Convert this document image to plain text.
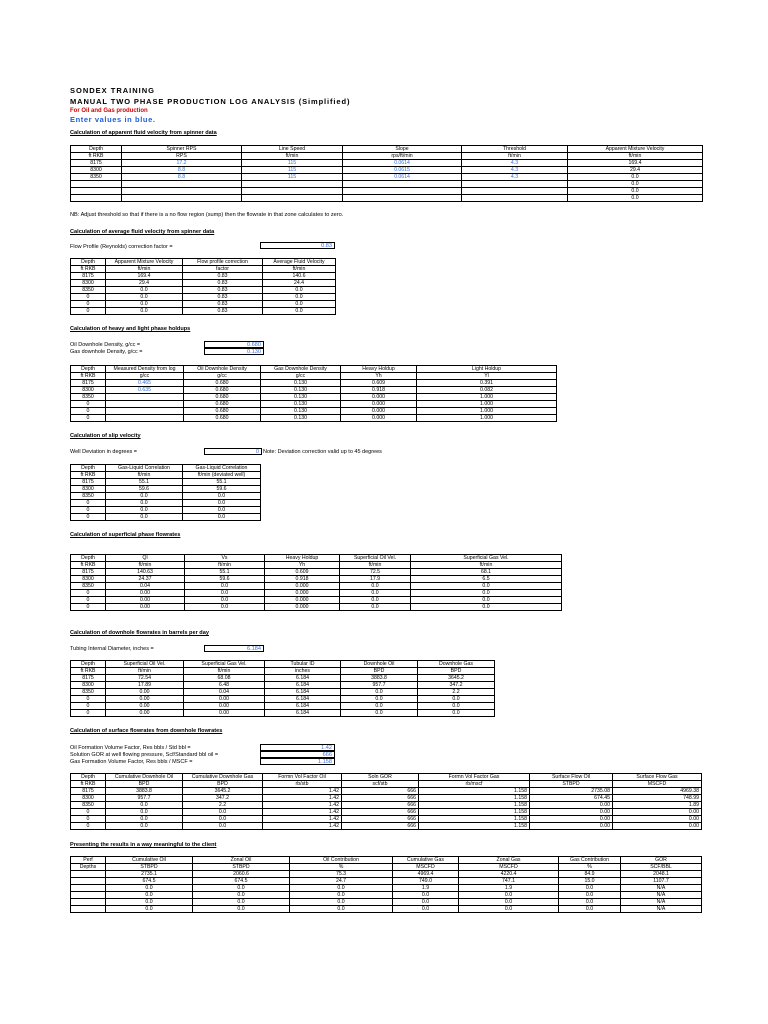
SONDEX TRAINING
MANUAL TWO PHASE PRODUCTION LOG ANALYSIS (Simplified)
For Oil and Gas production
Enter values in blue.
Calculation of apparent fluid velocity from spinner data
Depth	Spinner RPS	Line Speed	Slope	Threshold	Apparent Mixture Velocity
ft RKB	RPS	ft/min	rps/ft/min	ft/min	ft/min
8175	17.2	115	0.0614	4.3	169.4
8300	8.8	115	0.0615	4.3	29.4
8350	8.8	115	0.0614	4.3	0.0
					0.0
					0.0
					0.0
NB: Adjust threshold so that if there is a no flow region (sump) then the flowrate in that zone calculates to zero.
Calculation of average fluid velocity from spinner data
Flow Profile (Reynolds) correction factor =	0.83
Depth	Apparent Mixture Velocity	Flow profile correction	Average Fluid Velocity
ft RKB	ft/min	factor	ft/min
8175	169.4	0.83	140.6
8300	29.4	0.83	24.4
8350	0.0	0.83	0.0
0	0.0	0.83	0.0
0	0.0	0.83	0.0
0	0.0	0.83	0.0
Calculation of heavy and light phase holdups
Oil Downhole Density, g/cc =	0.680
Gas downhole Density, g/cc =	0.130
Depth	Measured Density from log	Oil Downhole Density	Gas Downhole Density	Heavy Holdup	Light Holdup
ft RKB	g/cc	g/cc	g/cc	Yh	Yl
8175	0.465	0.680	0.130	0.609	0.391
8300	0.635	0.680	0.130	0.918	0.082
8350		0.680	0.130	0.000	1.000
0		0.680	0.130	0.000	1.000
0		0.680	0.130	0.000	1.000
0		0.680	0.130	0.000	1.000
Calculation of slip velocity
Well Deviation in degrees =	0 Note: Deviation correction valid up to 45 degrees
Depth	Gas-Liquid Correlation	Gas-Liquid Correlation
ft RKB	ft/min	ft/min (deviated well)
8175	55.1	55.1
8300	59.6	59.6
8350	0.0	0.0
0	0.0	0.0
0	0.0	0.0
0	0.0	0.0
Calculation of superficial phase flowrates
Depth	Ql	Vs	Heavy Holdup	Superficial Oil Vel.	Superficial Gas Vel.
ft RKB	ft/min	ft/min	Yh	ft/min	ft/min
8175	140.63	55.1	0.609	72.5	68.1
8300	24.37	59.6	0.918	17.9	6.5
8350	0.04	0.0	0.000	0.0	0.0
0	0.00	0.0	0.000	0.0	0.0
0	0.00	0.0	0.000	0.0	0.0
0	0.00	0.0	0.000	0.0	0.0
Calculation of downhole flowrates in barrels per day
Tubing Internal Diameter, inches =	6.184
Depth	Superficial Oil Vel.	Superficial Gas Vel.	Tubular ID	Downhole Oil	Downhole Gas
ft RKB	ft/min	ft/min	inches	BPD	BPD
8175	72.54	68.08	6.184	3883.8	3645.2
8300	17.89	6.48	6.184	957.7	347.2
8350	0.00	0.04	6.184	0.0	2.2
0	0.00	0.00	6.184	0.0	0.0
0	0.00	0.00	6.184	0.0	0.0
0	0.00	0.00	6.184	0.0	0.0
Calculation of surface flowrates from downhole flowrates
Oil Formation Volume Factor, Res bbls / Std bbl =	1.42
Solution GOR at well flowing pressure, Scf/Standard bbl oil =	666
Gas Formation Volume Factor, Res bbls / MSCF =	1.158
Depth	Cumulative Downhole Oil	Cumulative Downhole Gas	Formn Vol Factor Oil	Soln GOR	Formn Vol Factor Gas	Surface Flow Oil	Surface Flow Gas
ft RKB	BPD	BPD	rb/stb	scf/stb	rb/mscf	STBPD	MSCFD
8175	3883.8	3645.2	1.42	666	1.158	2735.08	4969.38
8300	957.7	347.2	1.42	666	1.158	674.45	748.99
8350	0.0	2.2	1.42	666	1.158	0.00	1.89
0	0.0	0.0	1.42	666	1.158	0.00	0.00
0	0.0	0.0	1.42	666	1.158	0.00	0.00
0	0.0	0.0	1.42	666	1.158	0.00	0.00
Presenting the results in a way meaningful to the client
Perf	Cumulative Oil	Zonal Oil	Oil Contribution	Cumulative Gas	Zonal Gas	Gas Contribution	GOR
Depths	STBPD	STBPD	%	MSCFD	MSCFD	%	SCF/BBL
	2735.1	2060.6	75.3	4969.4	4220.4	84.9	2048.1
	674.5	674.5	24.7	749.0	747.1	15.0	1107.7
	0.0	0.0	0.0	1.9	1.9	0.0	N/A
	0.0	0.0	0.0	0.0	0.0	0.0	N/A
	0.0	0.0	0.0	0.0	0.0	0.0	N/A
	0.0	0.0	0.0	0.0	0.0	0.0	N/A
